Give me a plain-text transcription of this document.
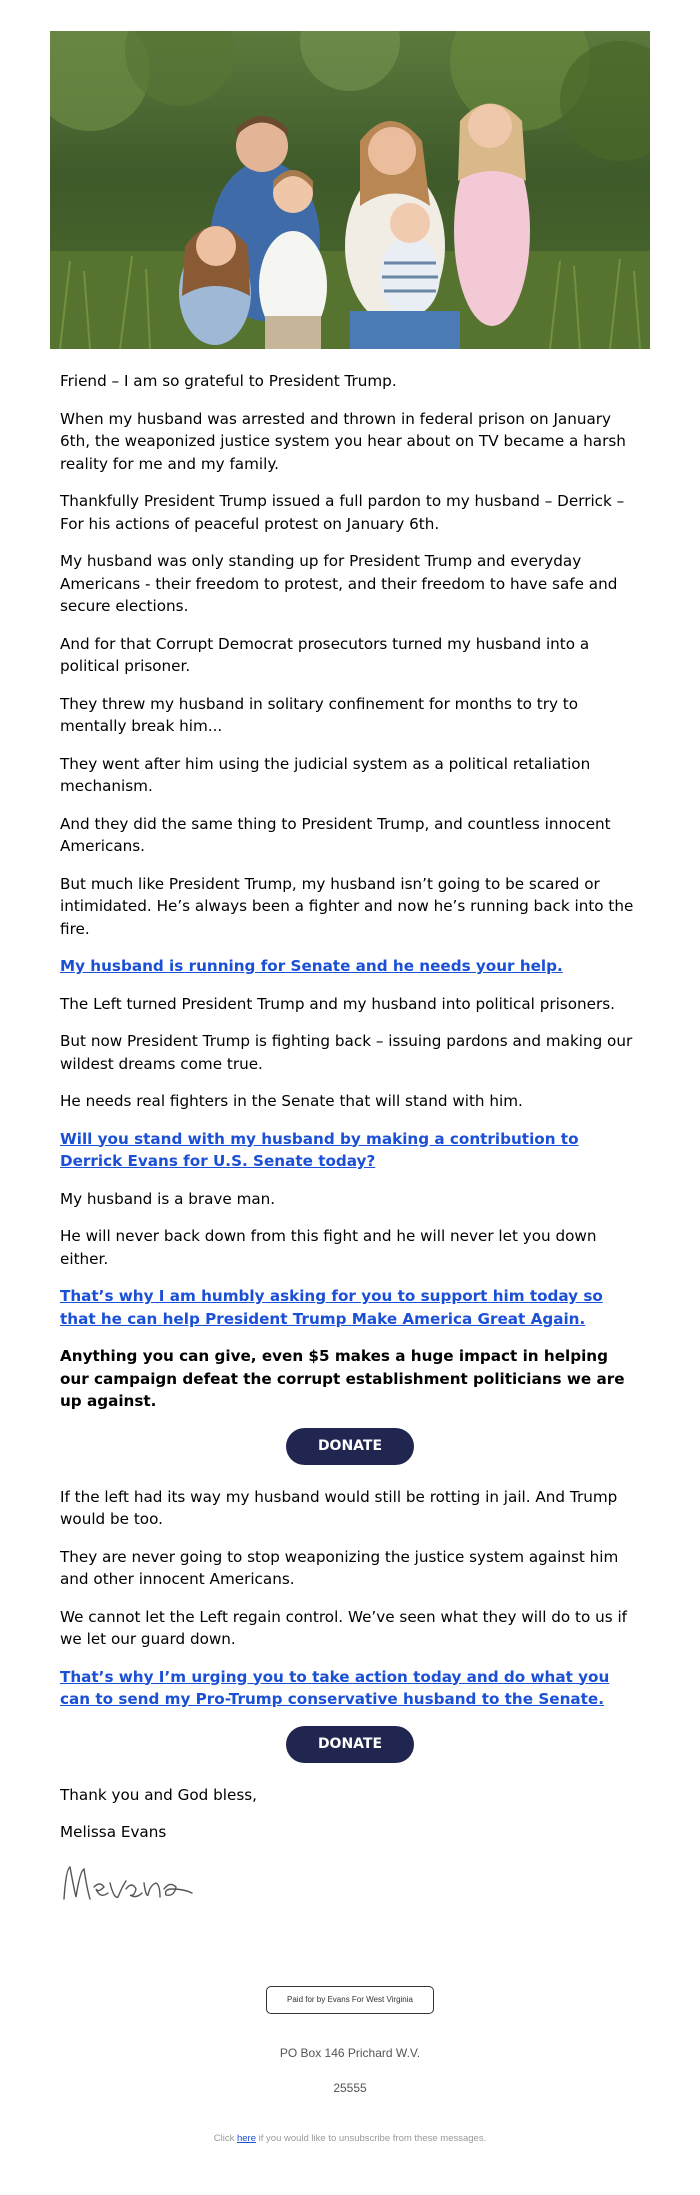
Friend – I am so grateful to President Trump.

When my husband was arrested and thrown in federal prison on January 6th, the weaponized justice system you hear about on TV became a harsh reality for me and my family.

Thankfully President Trump issued a full pardon to my husband – Derrick – For his actions of peaceful protest on January 6th.

My husband was only standing up for President Trump and everyday Americans - their freedom to protest, and their freedom to have safe and secure elections.

And for that Corrupt Democrat prosecutors turned my husband into a political prisoner.

They threw my husband in solitary confinement for months to try to mentally break him...

They went after him using the judicial system as a political retaliation mechanism.

And they did the same thing to President Trump, and countless innocent Americans.

But much like President Trump, my husband isn’t going to be scared or intimidated. He’s always been a fighter and now he’s running back into the fire.

My husband is running for Senate and he needs your help.

The Left turned President Trump and my husband into political prisoners.

But now President Trump is fighting back – issuing pardons and making our wildest dreams come true.

He needs real fighters in the Senate that will stand with him.

Will you stand with my husband by making a contribution to Derrick Evans for U.S. Senate today?

My husband is a brave man.

He will never back down from this fight and he will never let you down either.

That’s why I am humbly asking for you to support him today so that he can help President Trump Make America Great Again.

Anything you can give, even $5 makes a huge impact in helping our campaign defeat the corrupt establishment politicians we are up against.

DONATE

If the left had its way my husband would still be rotting in jail. And Trump would be too.

They are never going to stop weaponizing the justice system against him and other innocent Americans.

We cannot let the Left regain control. We’ve seen what they will do to us if we let our guard down.

That’s why I’m urging you to take action today and do what you can to send my Pro-Trump conservative husband to the Senate.

DONATE

Thank you and God bless,

Melissa Evans

Paid for by Evans For West Virginia
PO Box 146 Prichard W.V.
25555
Click here if you would like to unsubscribe from these messages.
